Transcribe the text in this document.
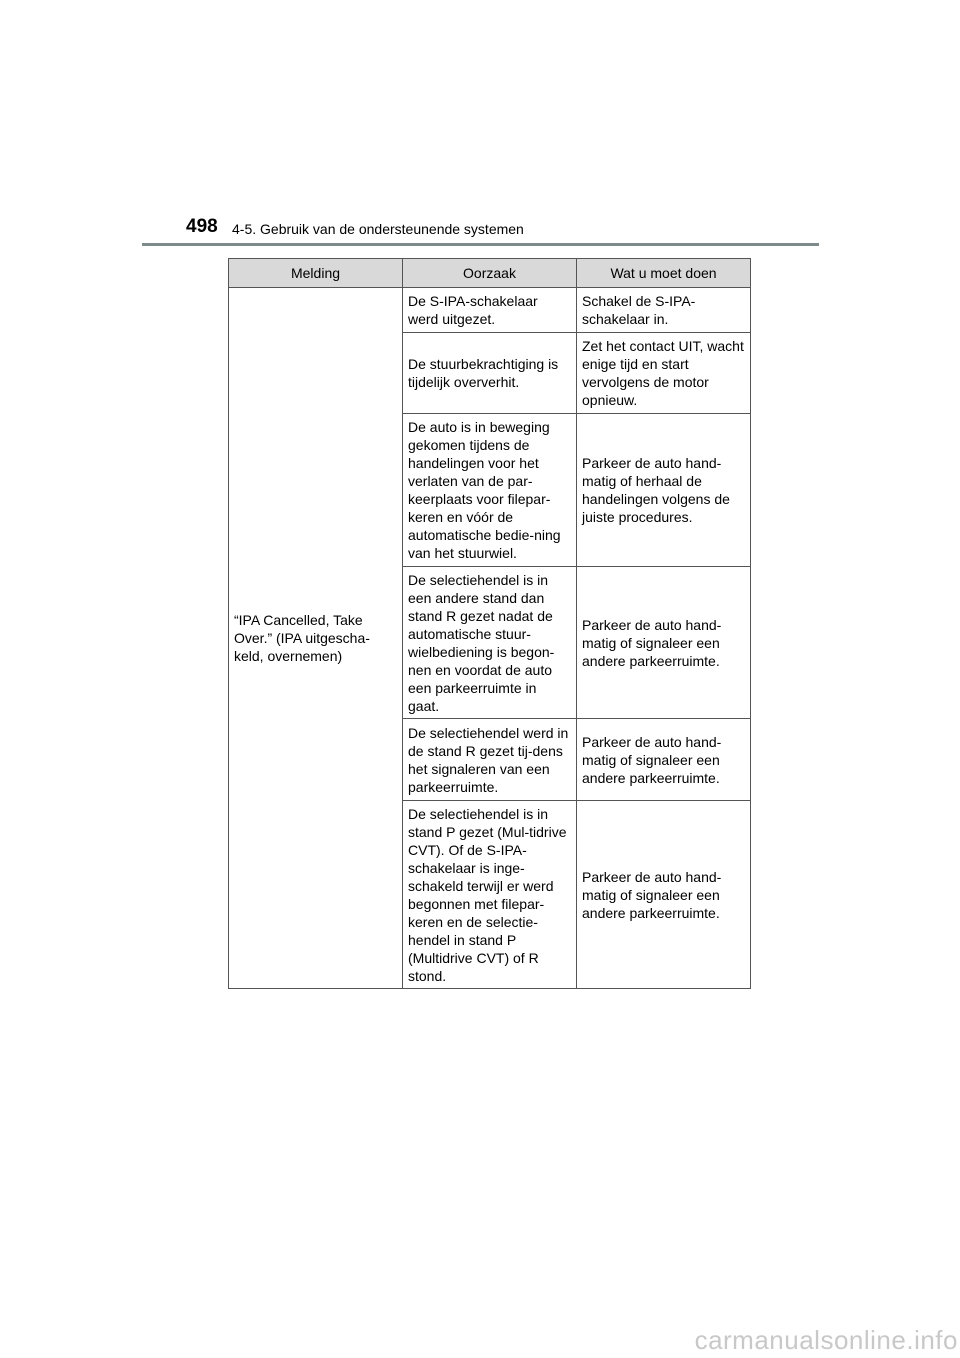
498 4-5. Gebruik van de ondersteunende systemen
Melding	Oorzaak	Wat u moet doen
“IPA Cancelled, Take Over.” (IPA uitgescha-keld, overnemen)	De S-IPA-schakelaar werd uitgezet.	Schakel de S-IPA-schakelaar in.
	De stuurbekrachtiging is tijdelijk oververhit.	Zet het contact UIT, wacht enige tijd en start vervolgens de motor opnieuw.
	De auto is in beweging gekomen tijdens de handelingen voor het verlaten van de par-keerplaats voor filepar-keren en vóór de automatische bedie-ning van het stuurwiel.	Parkeer de auto hand-matig of herhaal de handelingen volgens de juiste procedures.
	De selectiehendel is in een andere stand dan stand R gezet nadat de automatische stuur-wielbediening is begon-nen en voordat de auto een parkeerruimte in gaat.	Parkeer de auto hand-matig of signaleer een andere parkeerruimte.
	De selectiehendel werd in de stand R gezet tij-dens het signaleren van een parkeerruimte.	Parkeer de auto hand-matig of signaleer een andere parkeerruimte.
	De selectiehendel is in stand P gezet (Mul-tidrive CVT). Of de S-IPA-schakelaar is inge-schakeld terwijl er werd begonnen met filepar-keren en de selectie-hendel in stand P (Multidrive CVT) of R stond.	Parkeer de auto hand-matig of signaleer een andere parkeerruimte.
carmanualsonline.info
